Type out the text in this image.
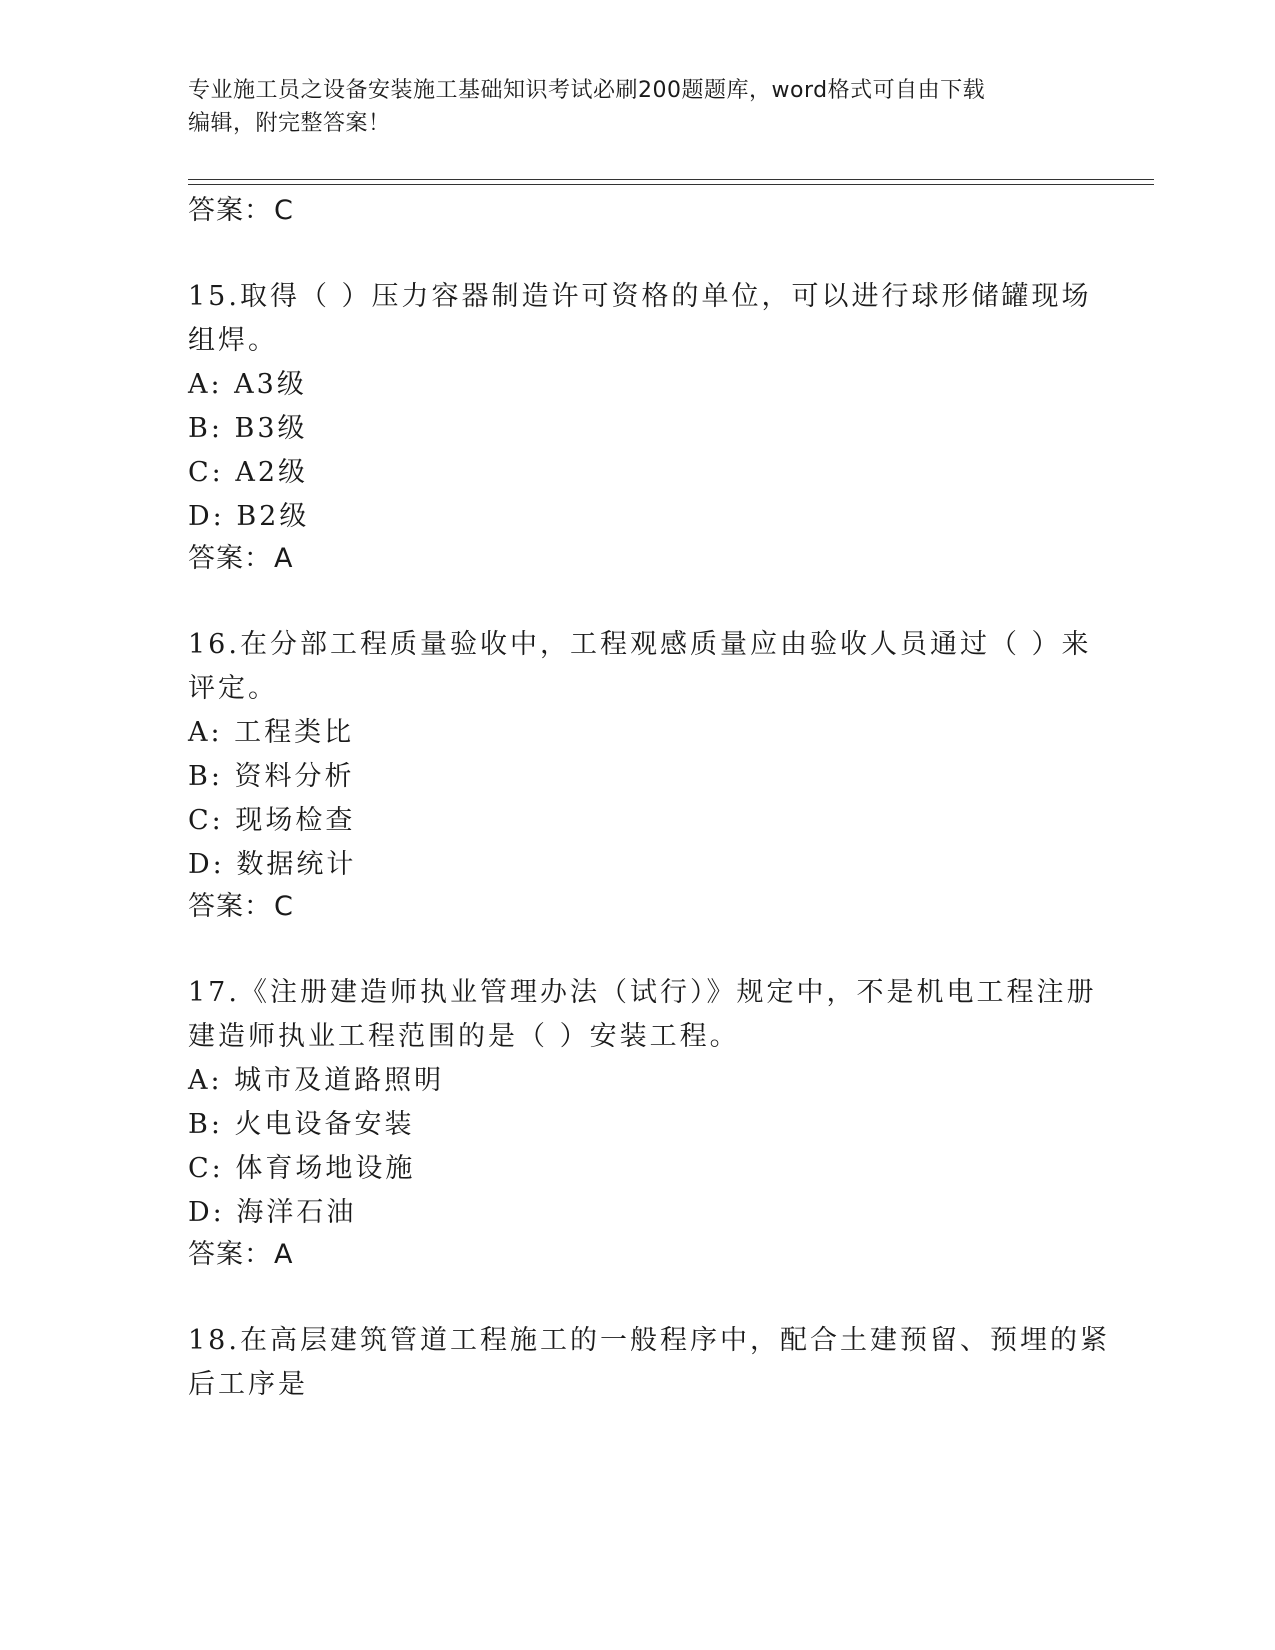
专业施工员之设备安装施工基础知识考试必刷200题题库，word格式可自由下载
编辑，附完整答案！
答案：C
15.取得（ ）压力容器制造许可资格的单位，可以进行球形储罐现场
组焊。
A: A3级
B: B3级
C: A2级
D: B2级
答案：A
16.在分部工程质量验收中，工程观感质量应由验收人员通过（ ）来
评定。
A: 工程类比
B: 资料分析
C: 现场检查
D: 数据统计
答案：C
17.《注册建造师执业管理办法（试行）》规定中，不是机电工程注册
建造师执业工程范围的是（ ）安装工程。
A: 城市及道路照明
B: 火电设备安装
C: 体育场地设施
D: 海洋石油
答案：A
18.在高层建筑管道工程施工的一般程序中，配合土建预留、预埋的紧
后工序是
